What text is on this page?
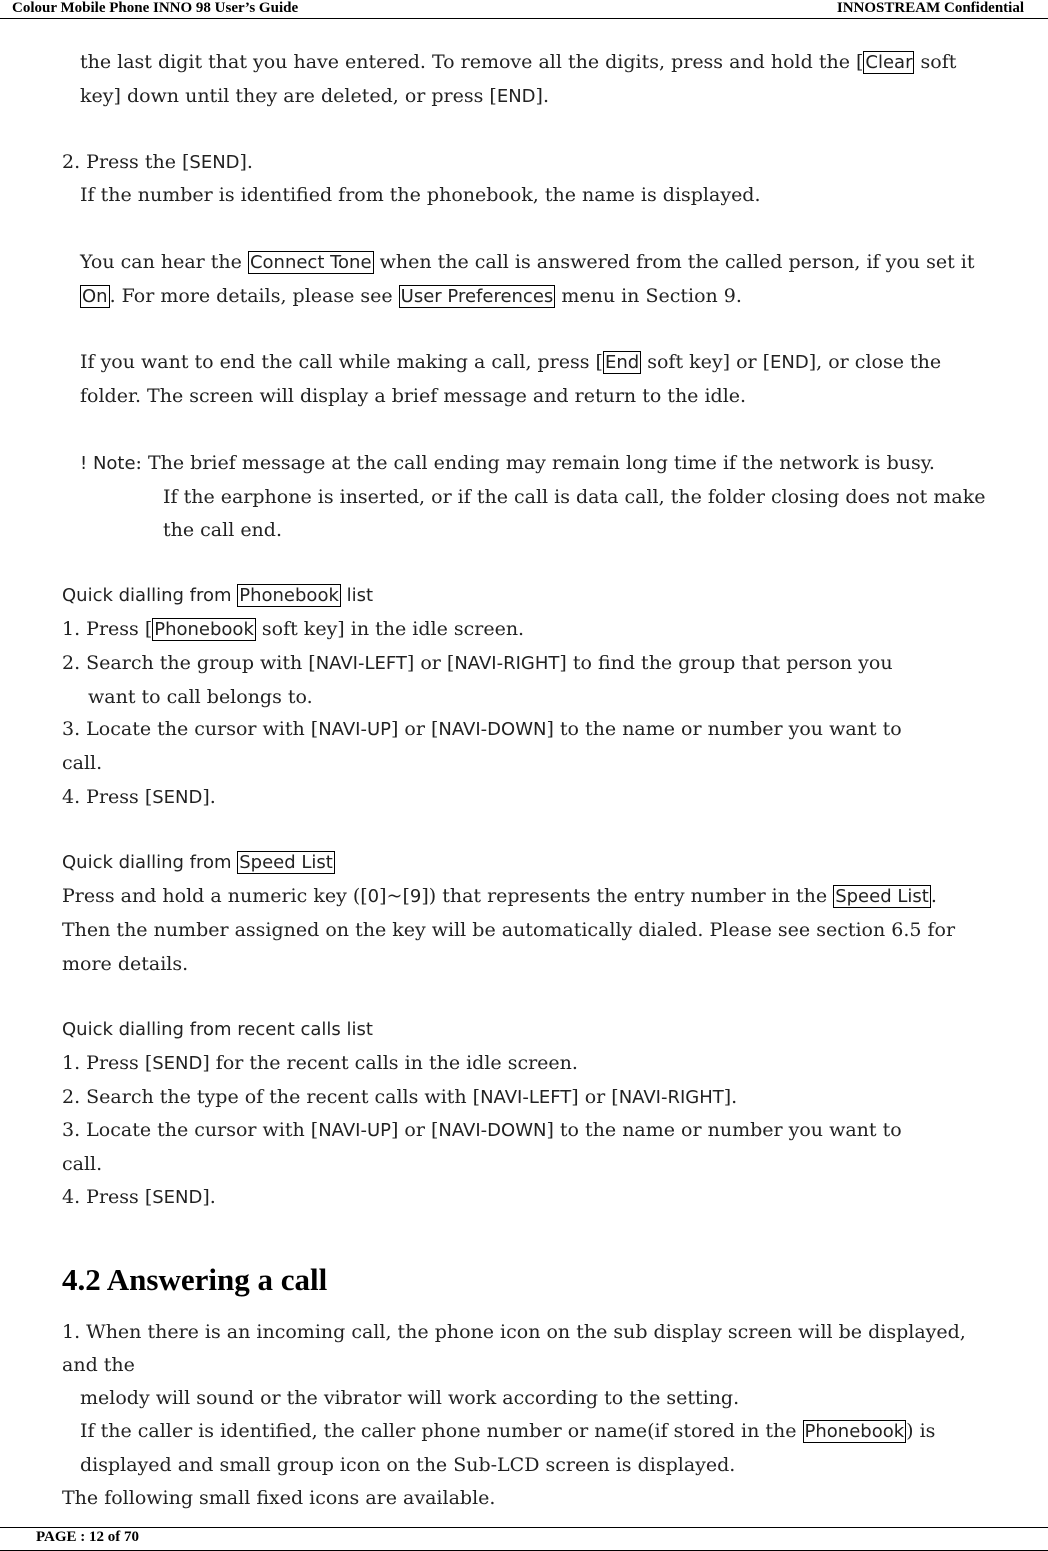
Colour Mobile Phone INNO 98 User’s Guide	INNOSTREAM Confidential
the last digit that you have entered. To remove all the digits, press and hold the [ Clear soft
key] down until they are deleted, or press [END].
2. Press the [SEND].
If the number is identified from the phonebook, the name is displayed.
You can hear the Connect Tone when the call is answered from the called person, if you set it
On . For more details, please see User Preferences menu in Section 9.
If you want to end the call while making a call, press [ End soft key] or [END], or close the
folder. The screen will display a brief message and return to the idle.
! Note: The brief message at the call ending may remain long time if the network is busy.
If the earphone is inserted, or if the call is data call, the folder closing does not make
the call end.
Quick dialling from Phonebook list
1. Press [ Phonebook soft key] in the idle screen.
2. Search the group with [NAVI-LEFT] or [NAVI-RIGHT] to find the group that person you
want to call belongs to.
3. Locate the cursor with [NAVI-UP] or [NAVI-DOWN] to the name or number you want to
call.
4. Press [SEND].
Quick dialling from Speed List
Press and hold a numeric key ([0]~[9]) that represents the entry number in the Speed List .
Then the number assigned on the key will be automatically dialed. Please see section 6.5 for
more details.
Quick dialling from recent calls list
1. Press [SEND] for the recent calls in the idle screen.
2. Search the type of the recent calls with [NAVI-LEFT] or [NAVI-RIGHT].
3. Locate the cursor with [NAVI-UP] or [NAVI-DOWN] to the name or number you want to
call.
4. Press [SEND].
4.2 Answering a call
1. When there is an incoming call, the phone icon on the sub display screen will be displayed,
and the
melody will sound or the vibrator will work according to the setting.
If the caller is identified, the caller phone number or name(if stored in the Phonebook ) is
displayed and small group icon on the Sub-LCD screen is displayed.
The following small fixed icons are available.
PAGE : 12 of 70
